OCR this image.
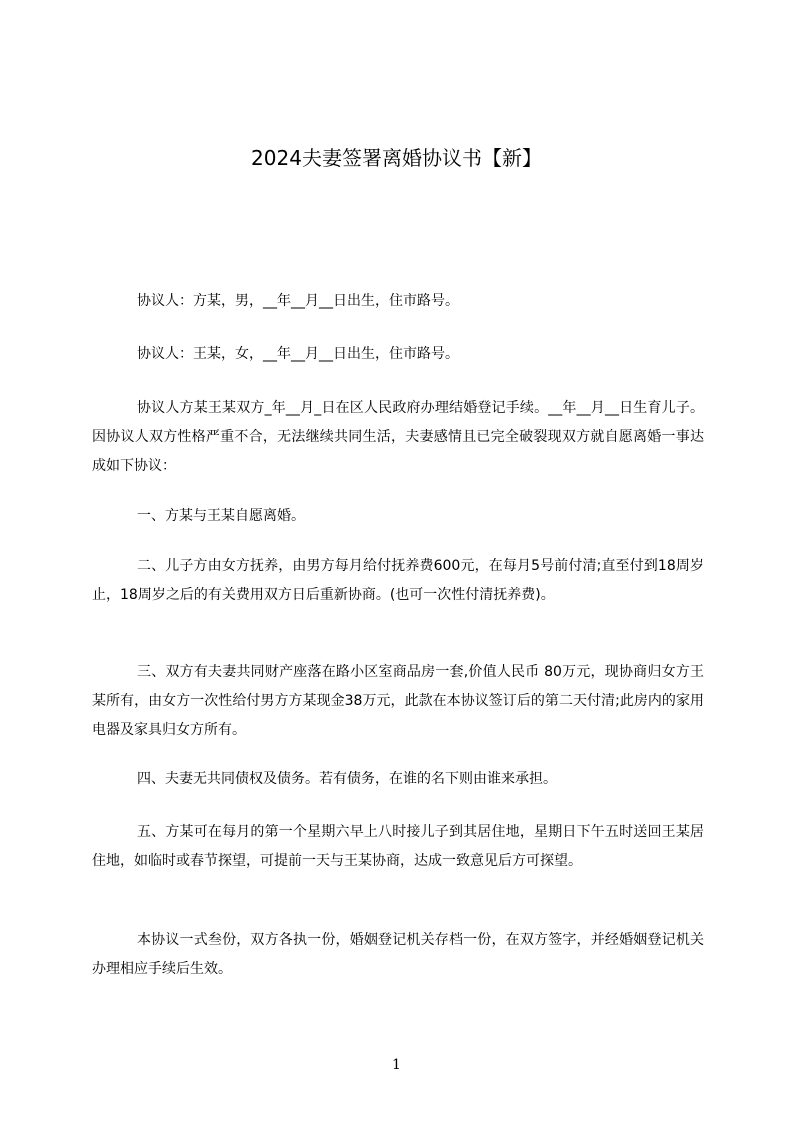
2024夫妻签署离婚协议书【新】
协议人：方某，男，__年__月__日出生，住市路号。
协议人：王某，女，__年__月__日出生，住市路号。
协议人方某王某双方_年__月_日在区人民政府办理结婚登记手续。__年__月__日生育儿子。因协议人双方性格严重不合，无法继续共同生活，夫妻感情且已完全破裂现双方就自愿离婚一事达成如下协议：
一、方某与王某自愿离婚。
二、儿子方由女方抚养，由男方每月给付抚养费600元，在每月5号前付清;直至付到18周岁止，18周岁之后的有关费用双方日后重新协商。(也可一次性付清抚养费)。
三、双方有夫妻共同财产座落在路小区室商品房一套,价值人民币 80万元，现协商归女方王某所有，由女方一次性给付男方方某现金38万元，此款在本协议签订后的第二天付清;此房内的家用电器及家具归女方所有。
四、夫妻无共同债权及债务。若有债务，在谁的名下则由谁来承担。
五、方某可在每月的第一个星期六早上八时接儿子到其居住地，星期日下午五时送回王某居住地，如临时或春节探望，可提前一天与王某协商，达成一致意见后方可探望。
本协议一式叁份，双方各执一份，婚姻登记机关存档一份，在双方签字，并经婚姻登记机关办理相应手续后生效。
1
